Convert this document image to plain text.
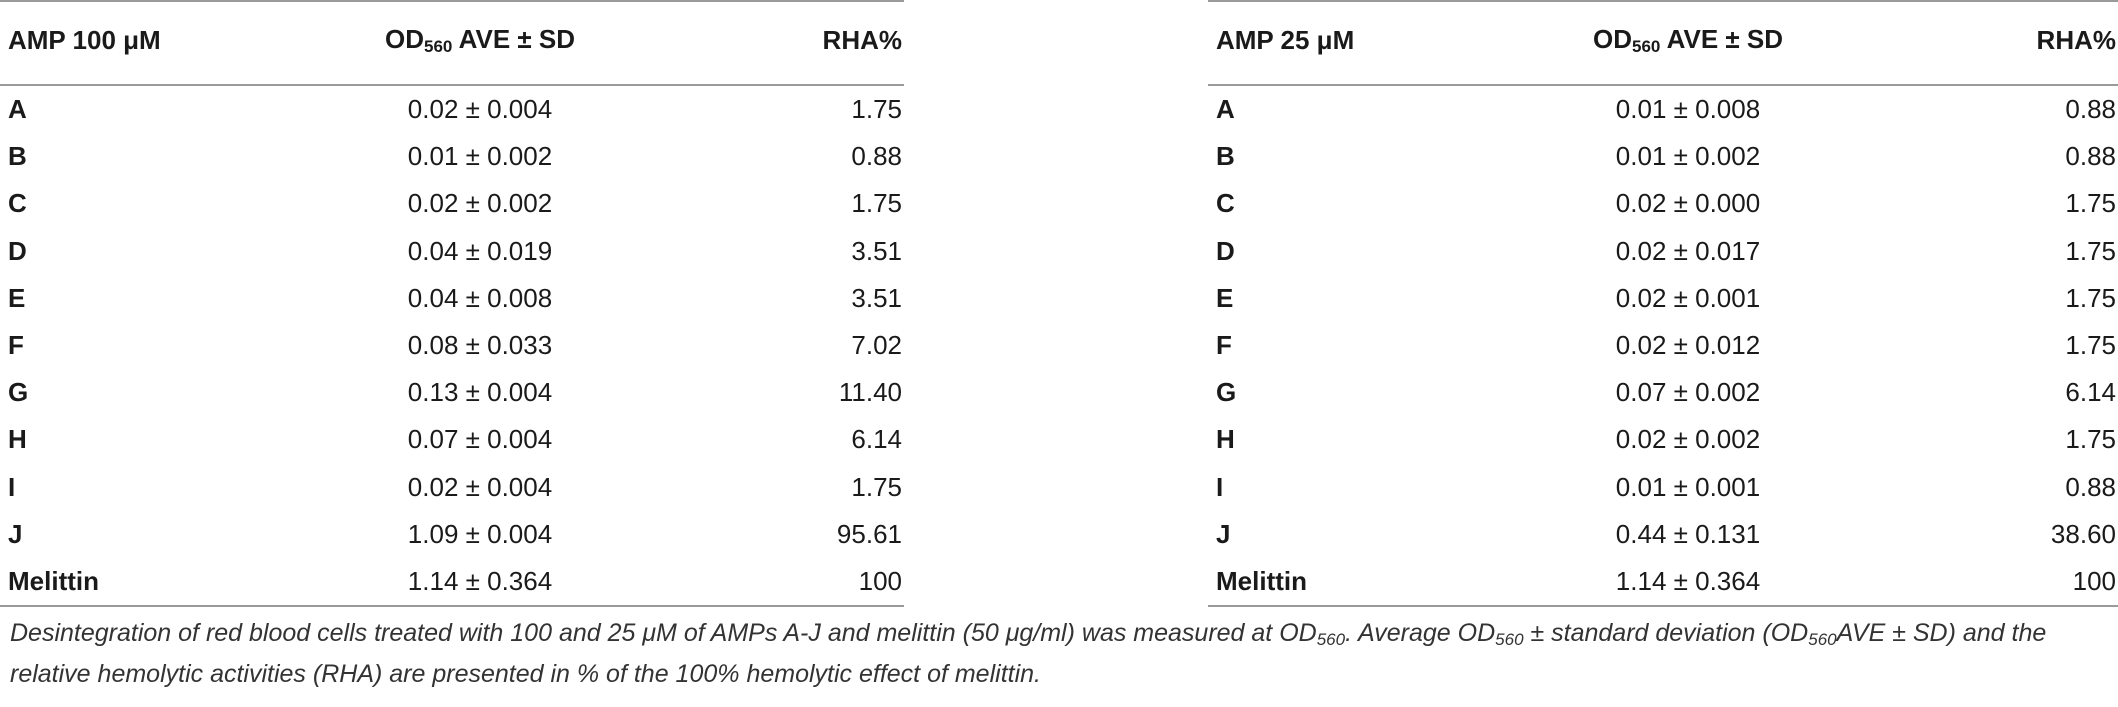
AMP 100 μM	$OD_{560}$ AVE ± SD	RHA%
A	0.02 ± 0.004	1.75
B	0.01 ± 0.002	0.88
C	0.02 ± 0.002	1.75
D	0.04 ± 0.019	3.51
E	0.04 ± 0.008	3.51
F	0.08 ± 0.033	7.02
G	0.13 ± 0.004	11.40
H	0.07 ± 0.004	6.14
I	0.02 ± 0.004	1.75
J	1.09 ± 0.004	95.61
Melittin	1.14 ± 0.364	100
AMP 25 μM	$OD_{560}$ AVE ± SD	RHA%
A	0.01 ± 0.008	0.88
B	0.01 ± 0.002	0.88
C	0.02 ± 0.000	1.75
D	0.02 ± 0.017	1.75
E	0.02 ± 0.001	1.75
F	0.02 ± 0.012	1.75
G	0.07 ± 0.002	6.14
H	0.02 ± 0.002	1.75
I	0.01 ± 0.001	0.88
J	0.44 ± 0.131	38.60
Melittin	1.14 ± 0.364	100

Desintegration of red blood cells treated with 100 and 25 μM of AMPs A-J and melittin (50 μg/ml) was measured at $OD_{560}$. Average $OD_{560}$ ± standard deviation $(OD_{560}AVE \pm SD)$ and the relative hemolytic activities (RHA) are presented in % of the 100% hemolytic effect of melittin.
